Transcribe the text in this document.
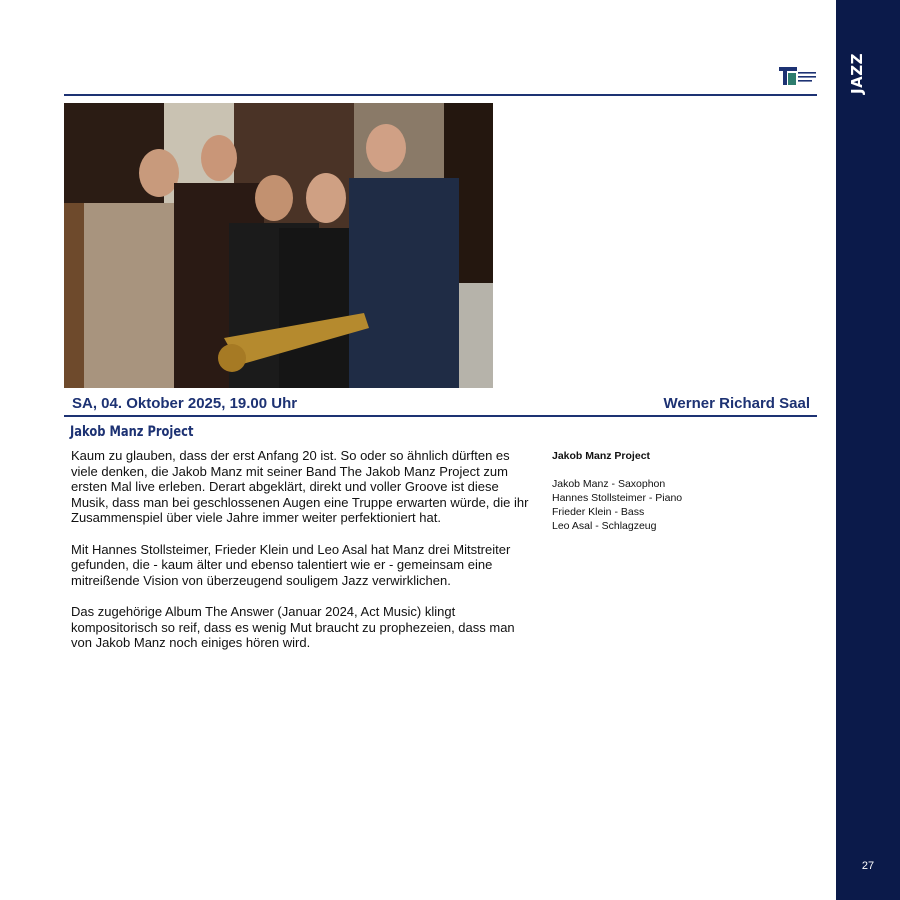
JAZZ
27
SA, 04. Oktober 2025, 19.00 Uhr	Werner Richard Saal
Jakob Manz Project

Kaum zu glauben, dass der erst Anfang 20 ist. So oder so ähnlich dürften es viele denken, die Jakob Manz mit seiner Band The Jakob Manz Project zum ersten Mal live erleben. Derart abgeklärt, direkt und voller Groove ist diese Musik, dass man bei geschlossenen Augen eine Truppe erwarten würde, die ihr Zusammenspiel über viele Jahre immer weiter perfektioniert hat.

Mit Hannes Stollsteimer, Frieder Klein und Leo Asal hat Manz drei Mitstreiter gefunden, die - kaum älter und ebenso talentiert wie er - gemeinsam eine mitreißende Vision von überzeugend souligem Jazz verwirklichen.

Das zugehörige Album The Answer (Januar 2024, Act Music) klingt kompositorisch so reif, dass es wenig Mut braucht zu prophezeien, dass man von Jakob Manz noch einiges hören wird.

Jakob Manz Project
Jakob Manz - Saxophon
Hannes Stollsteimer - Piano
Frieder Klein - Bass
Leo Asal - Schlagzeug
